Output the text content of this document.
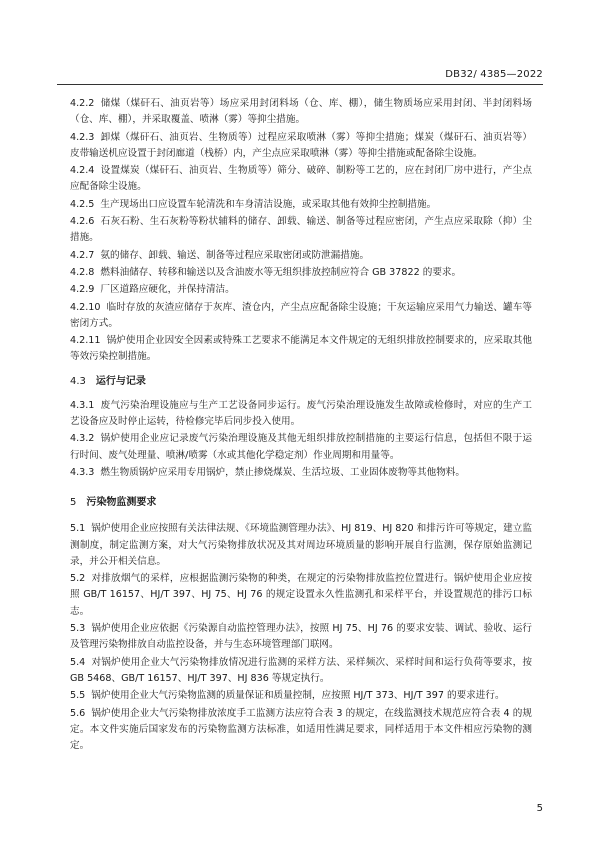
DB32/ 4385—2022

4.2.2 储煤（煤矸石、油页岩等）场应采用封闭料场（仓、库、棚），储生物质场应采用封闭、半封闭料场（仓、库、棚），并采取覆盖、喷淋（雾）等抑尘措施。

4.2.3 卸煤（煤矸石、油页岩、生物质等）过程应采取喷淋（雾）等抑尘措施；煤炭（煤矸石、油页岩等）皮带输送机应设置于封闭廊道（栈桥）内，产尘点应采取喷淋（雾）等抑尘措施或配备除尘设施。

4.2.4 设置煤炭（煤矸石、油页岩、生物质等）筛分、破碎、制粉等工艺的，应在封闭厂房中进行，产尘点应配备除尘设施。

4.2.5 生产现场出口应设置车轮清洗和车身清洁设施，或采取其他有效抑尘控制措施。

4.2.6 石灰石粉、生石灰粉等粉状辅料的储存、卸载、输送、制备等过程应密闭，产生点应采取除（抑）尘措施。

4.2.7 氨的储存、卸载、输送、制备等过程应采取密闭或防泄漏措施。

4.2.8 燃料油储存、转移和输送以及含油废水等无组织排放控制应符合 GB 37822 的要求。

4.2.9 厂区道路应硬化，并保持清洁。

4.2.10 临时存放的灰渣应储存于灰库、渣仓内，产尘点应配备除尘设施；干灰运输应采用气力输送、罐车等密闭方式。

4.2.11 锅炉使用企业因安全因素或特殊工艺要求不能满足本文件规定的无组织排放控制要求的，应采取其他等效污染控制措施。

4.3 运行与记录

4.3.1 废气污染治理设施应与生产工艺设备同步运行。废气污染治理设施发生故障或检修时，对应的生产工艺设备应及时停止运转，待检修完毕后同步投入使用。

4.3.2 锅炉使用企业应记录废气污染治理设施及其他无组织排放控制措施的主要运行信息，包括但不限于运行时间、废气处理量、喷淋/喷雾（水或其他化学稳定剂）作业周期和用量等。

4.3.3 燃生物质锅炉应采用专用锅炉，禁止掺烧煤炭、生活垃圾、工业固体废物等其他物料。

5 污染物监测要求

5.1 锅炉使用企业应按照有关法律法规、《环境监测管理办法》、HJ 819、HJ 820 和排污许可等规定，建立监测制度，制定监测方案，对大气污染物排放状况及其对周边环境质量的影响开展自行监测，保存原始监测记录，并公开相关信息。

5.2 对排放烟气的采样，应根据监测污染物的种类，在规定的污染物排放监控位置进行。锅炉使用企业应按照 GB/T 16157、HJ/T 397、HJ 75、HJ 76 的规定设置永久性监测孔和采样平台，并设置规范的排污口标志。

5.3 锅炉使用企业应依据《污染源自动监控管理办法》，按照 HJ 75、HJ 76 的要求安装、调试、验收、运行及管理污染物排放自动监控设备，并与生态环境管理部门联网。

5.4 对锅炉使用企业大气污染物排放情况进行监测的采样方法、采样频次、采样时间和运行负荷等要求，按 GB 5468、GB/T 16157、HJ/T 397、HJ 836 等规定执行。

5.5 锅炉使用企业大气污染物监测的质量保证和质量控制，应按照 HJ/T 373、HJ/T 397 的要求进行。

5.6 锅炉使用企业大气污染物排放浓度手工监测方法应符合表 3 的规定，在线监测技术规范应符合表 4 的规定。本文件实施后国家发布的污染物监测方法标准，如适用性满足要求，同样适用于本文件相应污染物的测定。

5
